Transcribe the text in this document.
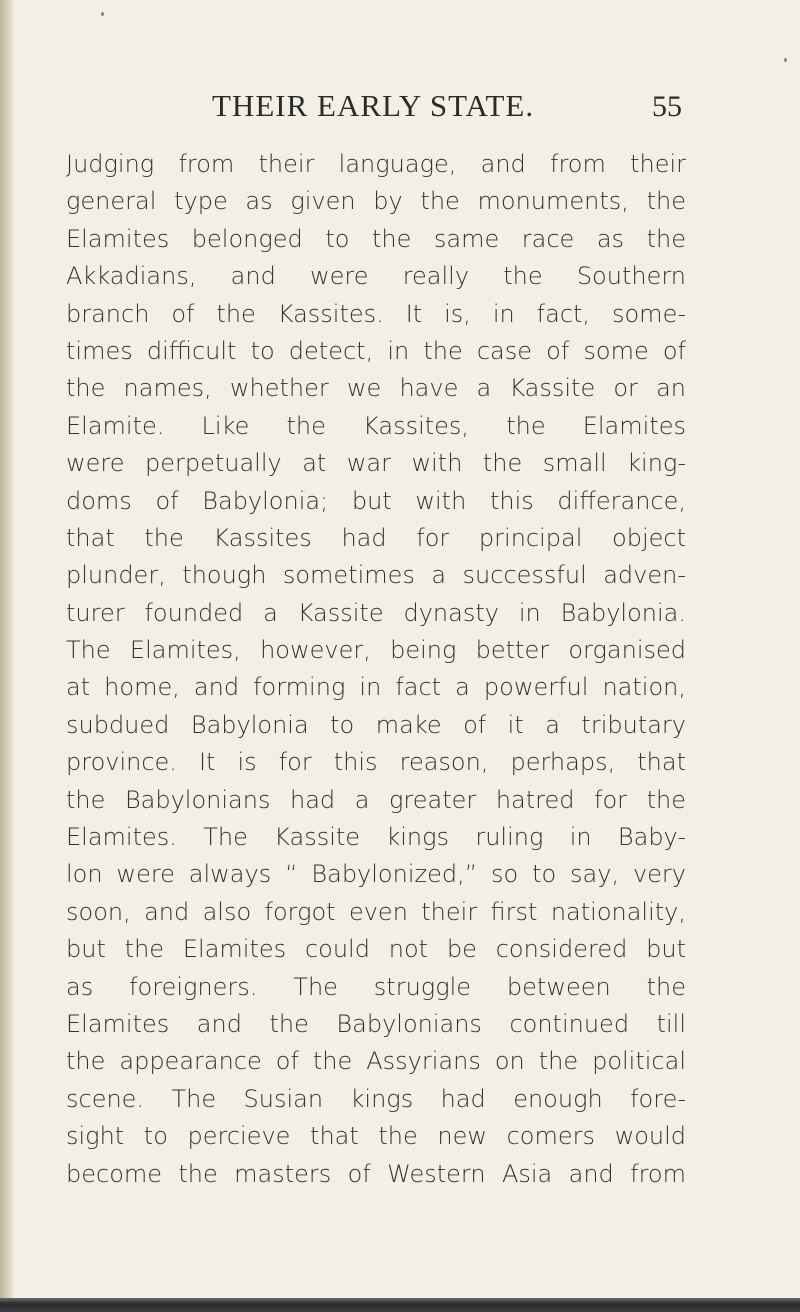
THEIR EARLY STATE.	55
Judging from their language, and from their
general type as given by the monuments, the
Elamites belonged to the same race as the
Akkadians, and were really the Southern
branch of the Kassites. It is, in fact, some-
times difficult to detect, in the case of some of
the names, whether we have a Kassite or an
Elamite. Like the Kassites, the Elamites
were perpetually at war with the small king-
doms of Babylonia; but with this differance,
that the Kassites had for principal object
plunder, though sometimes a successful adven-
turer founded a Kassite dynasty in Babylonia.
The Elamites, however, being better organised
at home, and forming in fact a powerful nation,
subdued Babylonia to make of it a tributary
province. It is for this reason, perhaps, that
the Babylonians had a greater hatred for the
Elamites. The Kassite kings ruling in Baby-
lon were always “ Babylonized,” so to say, very
soon, and also forgot even their first nationality,
but the Elamites could not be considered but
as foreigners. The struggle between the
Elamites and the Babylonians continued till
the appearance of the Assyrians on the political
scene. The Susian kings had enough fore-
sight to percieve that the new comers would
become the masters of Western Asia and from
